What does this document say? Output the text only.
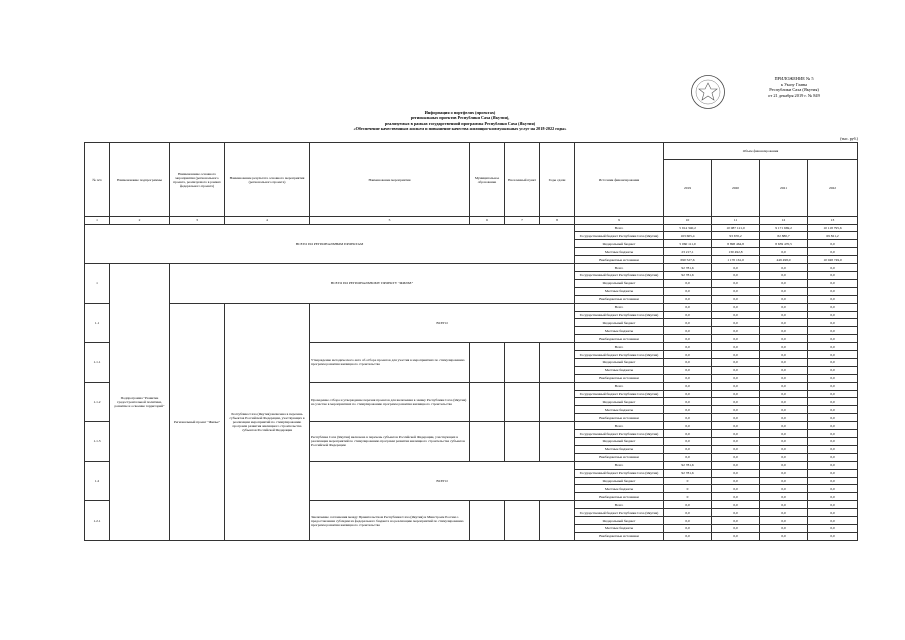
ПРИЛОЖЕНИЕ № 5
к Указу Главы
Республики Саха (Якутия)
от 21 декабря 2019 г. № 849
Информация о портфелях (проектах)
региональных проектов Республики Саха (Якутия),
реализуемых в рамках государственной программы Республики Саха (Якутия)
«Обеспечение качественным жильем и повышение качества жилищно-коммунальных услуг на 2018-2022 годы»
(тыс. руб.)
№ п/п	Наименование подпрограммы	Наименование основного мероприятия (регионального проекта, реализуемого в рамках федерального проекта)	Наименование результата основного мероприятия (регионального проекта)	Наименование мероприятия	Муниципальное образование	Населенный пункт	Годы сдачи	Источник финансирования	Объем финансирования			
									2019	2020	2021	2022
1	2	3	4	5	6	7	8	9	10	11	12	13
ВСЕГО ПО РЕГИОНАЛЬНЫМ ПРОЕКТАМ								Всего	5 914 340,2	10 087 121,0	9 171 669,2	10 118 795,6
								Государственный бюджет Республики Саха (Якутия)	163 605,4	93 670,2	82 880,7	69 821,2
								Федеральный бюджет	5 060 111,0	8 898 464,8	8 639 470,5	0,0
								Местные бюджеты	23 217,1	130 492,8	0,0	0,0
								Внебюджетные источники	690 527,6	1 170 161,0	449 498,0	10 048 749,0
1	Подпрограмма "Развитие градостроительной политики, развитие и освоение территорий"	ВСЕГО ПО РЕГИОНАЛЬНОМУ ПРОЕКТУ "ЖИЛЬЕ"						Всего	92 781,6	0,0	0,0	0,0
								Государственный бюджет Республики Саха (Якутия)	92 781,6	0,0	0,0	0,0
								Федеральный бюджет	0,0	0,0	0,0	0,0
								Местные бюджеты	0,0	0,0	0,0	0,0
								Внебюджетные источники	0,0	0,0	0,0	0,0
1.1		Региональный проект "Жилье"	Республика Саха (Якутия) включена в перечень субъектов Российской Федерации, участвующих в реализации мероприятий по стимулированию программ развития жилищного строительства субъектов Российской Федерации	ВСЕГО				Всего	0,0	0,0	0,0	0,0
								Государственный бюджет Республики Саха (Якутия)	0,0	0,0	0,0	0,0
								Федеральный бюджет	0,0	0,0	0,0	0,0
								Местные бюджеты	0,0	0,0	0,0	0,0
								Внебюджетные источники	0,0	0,0	0,0	0,0
1.1.1				Утверждение методического акта об отборе проектов для участия в мероприятиях по стимулированию программ развития жилищного строительства				Всего	0,0	0,0	0,0	0,0
								Государственный бюджет Республики Саха (Якутия)	0,0	0,0	0,0	0,0
								Федеральный бюджет	0,0	0,0	0,0	0,0
								Местные бюджеты	0,0	0,0	0,0	0,0
								Внебюджетные источники	0,0	0,0	0,0	0,0
1.1.2				Проведение отбора и утверждение перечня проектов для включения в заявку Республики Саха (Якутия) на участие в мероприятиях по стимулированию программ развития жилищного строительства				Всего	0,0	0,0	0,0	0,0
								Государственный бюджет Республики Саха (Якутия)	0,0	0,0	0,0	0,0
								Федеральный бюджет	0,0	0,0	0,0	0,0
								Местные бюджеты	0,0	0,0	0,0	0,0
								Внебюджетные источники	0,0	0,0	0,0	0,0
1.1.3				Республика Саха (Якутия) включена в перечень субъектов Российской Федерации, участвующих в реализации мероприятий по стимулированию программ развития жилищного строительства субъектов Российской Федерации				Всего	0,0	0,0	0,0	0,0
								Государственный бюджет Республики Саха (Якутия)	0,0	0,0	0,0	0,0
								Федеральный бюджет	0,0	0,0	0,0	0,0
								Местные бюджеты	0,0	0,0	0,0	0,0
								Внебюджетные источники	0,0	0,0	0,0	0,0
1.2				ВСЕГО				Всего	92 781,6	0,0	0,0	0,0
								Государственный бюджет Республики Саха (Якутия)	92 781,6	0,0	0,0	0,0
								Федеральный бюджет	0	0,0	0,0	0,0
								Местные бюджеты	0	0,0	0,0	0,0
								Внебюджетные источники	0	0,0	0,0	0,0
1.2.1				Заключение соглашения между Правительством Республики Саха (Якутия) и Минстроем России о предоставлении субсидии из федерального бюджета на реализацию мероприятий по стимулированию программ развития жилищного строительства				Всего	0,0	0,0	0,0	0,0
								Государственный бюджет Республики Саха (Якутия)	0,0	0,0	0,0	0,0
								Федеральный бюджет	0,0	0,0	0,0	0,0
								Местные бюджеты	0,0	0,0	0,0	0,0
								Внебюджетные источники	0,0	0,0	0,0	0,0
